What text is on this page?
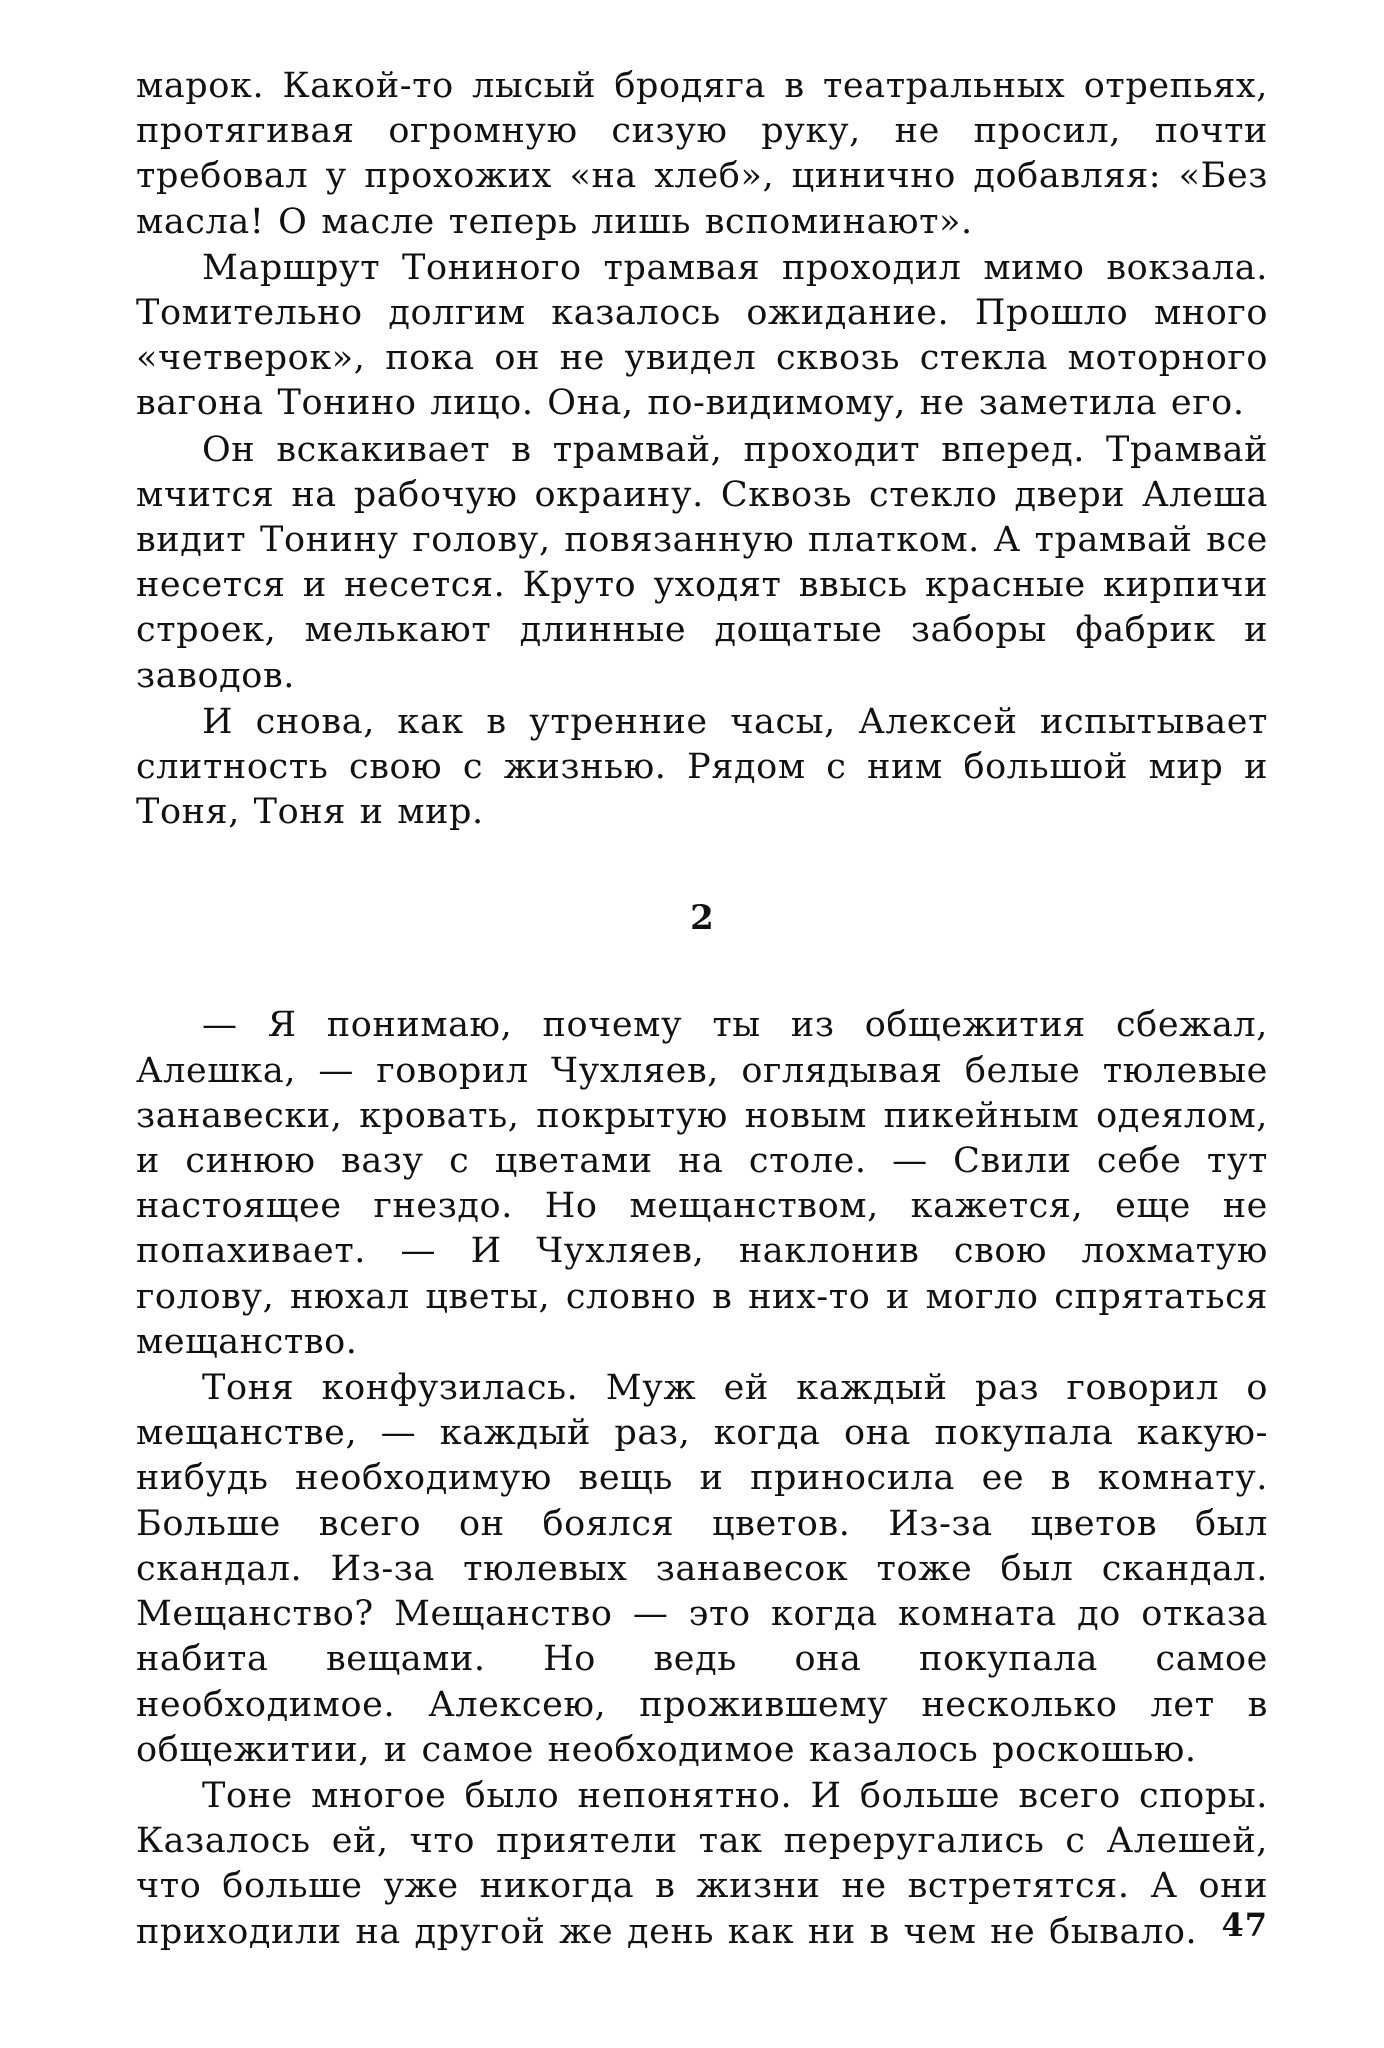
марок. Какой-то лысый бродяга в театральных отрепьях, протягивая огромную сизую руку, не просил, почти требовал у прохожих «на хлеб», цинично добавляя: «Без масла! О масле теперь лишь вспоминают».

Маршрут Тониного трамвая проходил мимо вокзала. Томительно долгим казалось ожидание. Прошло много «четверок», пока он не увидел сквозь стекла моторного вагона Тонино лицо. Она, по-видимому, не заметила его.

Он вскакивает в трамвай, проходит вперед. Трамвай мчится на рабочую окраину. Сквозь стекло двери Алеша видит Тонину голову, повязанную платком. А трамвай все несется и несется. Круто уходят ввысь красные кирпичи строек, мелькают длинные дощатые заборы фабрик и заводов.

И снова, как в утренние часы, Алексей испытывает слитность свою с жизнью. Рядом с ним большой мир и Тоня, Тоня и мир.

2

— Я понимаю, почему ты из общежития сбежал, Алешка, — говорил Чухляев, оглядывая белые тюлевые занавески, кровать, покрытую новым пикейным одеялом, и синюю вазу с цветами на столе. — Свили себе тут настоящее гнездо. Но мещанством, кажется, еще не попахивает. — И Чухляев, наклонив свою лохматую голову, нюхал цветы, словно в них-то и могло спрятаться мещанство.

Тоня конфузилась. Муж ей каждый раз говорил о мещанстве, — каждый раз, когда она покупала какую-нибудь необходимую вещь и приносила ее в комнату. Больше всего он боялся цветов. Из-за цветов был скандал. Из-за тюлевых занавесок тоже был скандал. Мещанство? Мещанство — это когда комната до отказа набита вещами. Но ведь она покупала самое необходимое. Алексею, прожившему несколько лет в общежитии, и самое необходимое казалось роскошью.

Тоне многое было непонятно. И больше всего споры. Казалось ей, что приятели так переругались с Алешей, что больше уже никогда в жизни не встретятся. А они приходили на другой же день как ни в чем не бывало. 47
